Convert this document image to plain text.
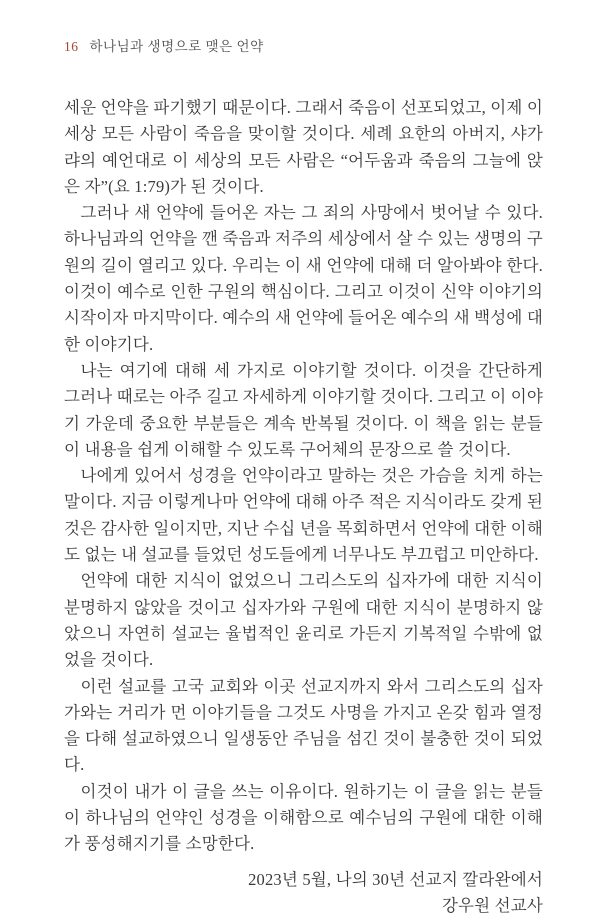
16 하나님과 생명으로 맺은 언약

세운 언약을 파기했기 때문이다. 그래서 죽음이 선포되었고, 이제 이 세상 모든 사람이 죽음을 맞이할 것이다. 세례 요한의 아버지, 샤가랴의 예언대로 이 세상의 모든 사람은 “어두움과 죽음의 그늘에 앉은 자”(요 1:79)가 된 것이다.

그러나 새 언약에 들어온 자는 그 죄의 사망에서 벗어날 수 있다. 하나님과의 언약을 깬 죽음과 저주의 세상에서 살 수 있는 생명의 구원의 길이 열리고 있다. 우리는 이 새 언약에 대해 더 알아봐야 한다. 이것이 예수로 인한 구원의 핵심이다. 그리고 이것이 신약 이야기의 시작이자 마지막이다. 예수의 새 언약에 들어온 예수의 새 백성에 대한 이야기다.

나는 여기에 대해 세 가지로 이야기할 것이다. 이것을 간단하게 그러나 때로는 아주 길고 자세하게 이야기할 것이다. 그리고 이 이야기 가운데 중요한 부분들은 계속 반복될 것이다. 이 책을 읽는 분들이 내용을 쉽게 이해할 수 있도록 구어체의 문장으로 쓸 것이다.

나에게 있어서 성경을 언약이라고 말하는 것은 가슴을 치게 하는 말이다. 지금 이렇게나마 언약에 대해 아주 적은 지식이라도 갖게 된 것은 감사한 일이지만, 지난 수십 년을 목회하면서 언약에 대한 이해도 없는 내 설교를 들었던 성도들에게 너무나도 부끄럽고 미안하다.

언약에 대한 지식이 없었으니 그리스도의 십자가에 대한 지식이 분명하지 않았을 것이고 십자가와 구원에 대한 지식이 분명하지 않았으니 자연히 설교는 율법적인 윤리로 가든지 기복적일 수밖에 없었을 것이다.

이런 설교를 고국 교회와 이곳 선교지까지 와서 그리스도의 십자가와는 거리가 먼 이야기들을 그것도 사명을 가지고 온갖 힘과 열정을 다해 설교하였으니 일생동안 주님을 섬긴 것이 불충한 것이 되었다.

이것이 내가 이 글을 쓰는 이유이다. 원하기는 이 글을 읽는 분들이 하나님의 언약인 성경을 이해함으로 예수님의 구원에 대한 이해가 풍성해지기를 소망한다.

2023년 5월, 나의 30년 선교지 깔라완에서

강우원 선교사
